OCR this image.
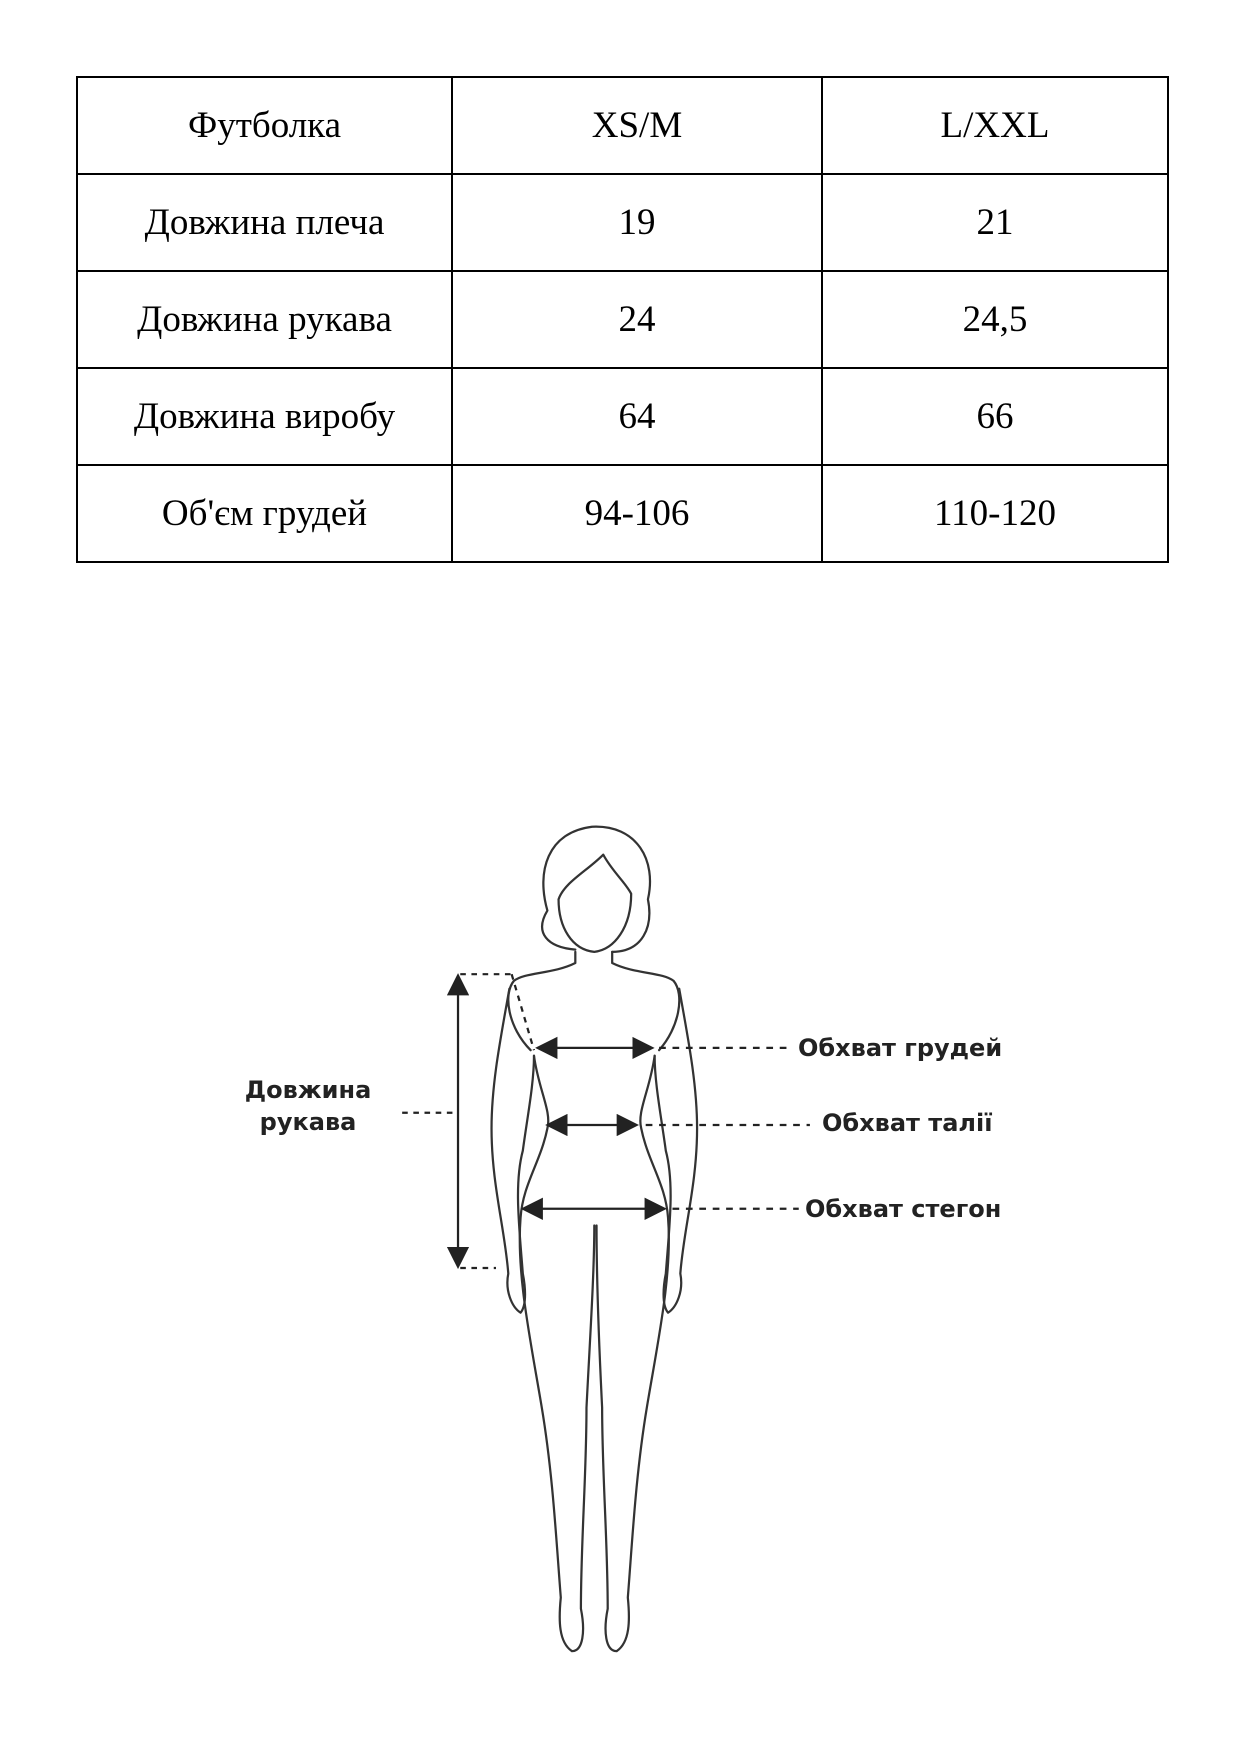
Футболка	XS/M	L/XXL
Довжина плеча	19	21
Довжина рукава	24	24,5
Довжина виробу	64	66
Об'єм грудей	94-106	110-120
Довжина
рукава
Обхват грудей
Обхват талії
Обхват стегон
